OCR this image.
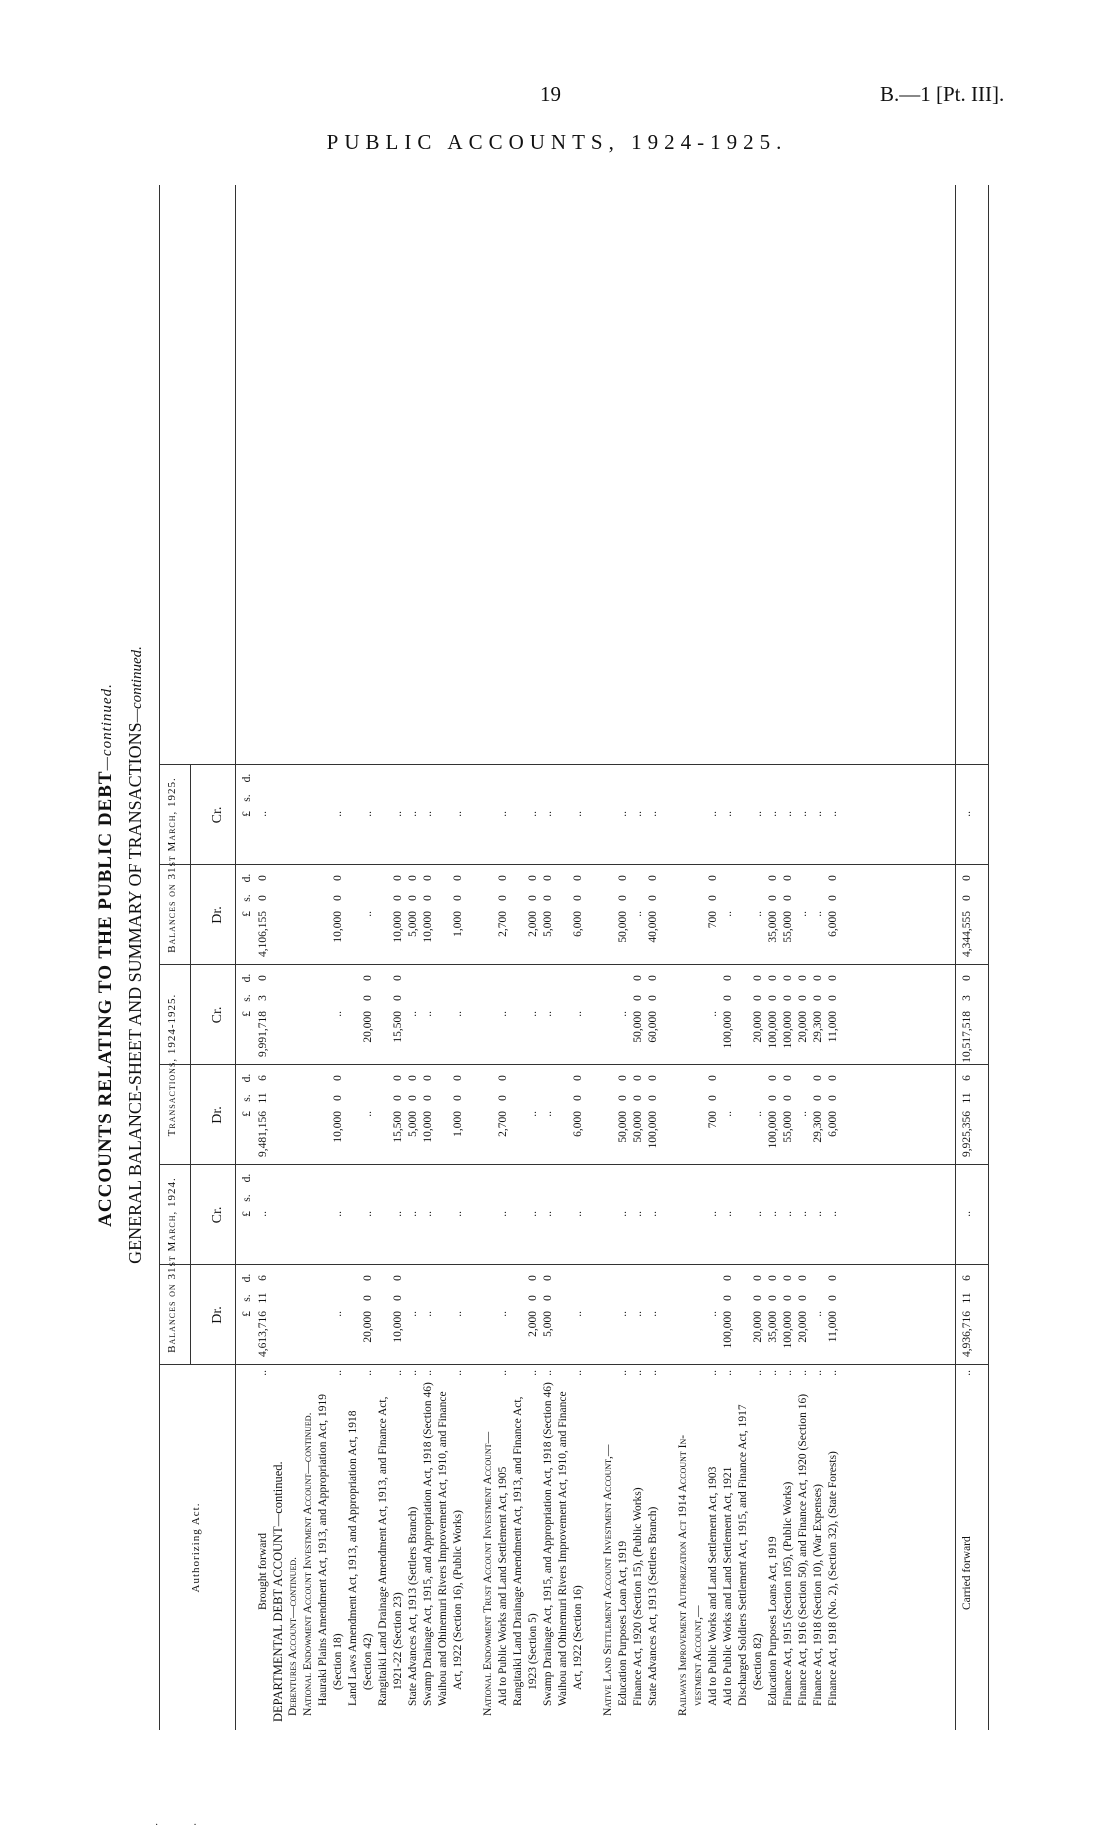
19	B.—1 [Pt. III].
PUBLIC ACCOUNTS, 1924-1925.
ACCOUNTS RELATING TO THE PUBLIC DEBT—continued. GENERAL BALANCE-SHEET AND SUMMARY OF TRANSACTIONS—continued.
Authorizing Act.
Balances on 31st March, 1924.
Transactions, 1924-1925.
Balances on 31st March, 1925.
Dr.
Cr.
Dr.
Cr.
Dr.
Cr.
£
s.
d.
£
s.
d.
£
s.
d.
£
s.
d.
£
s.
d.
£
s.
d.
Brought forward
..
4,613,716
11
6
..
9,481,156
11
6
9,991,718
3
0
4,106,155
0
0
..
DEPARTMENTAL DEBT ACCOUNT—continued. Debentures Account—continued. National Endowment Account Investment Account—continued. Hauraki Plains Amendment Act, 1913, and Appropriation Act, 1919 (Section 18)
..
..
..
10,000
0
0
..
10,000
0
0
..
Land Laws Amendment Act, 1913, and Appropriation Act, 1918 (Section 42)
..
20,000
0
0
..
..
20,000
0
0
..
..
Rangitaiki Land Drainage Amendment Act, 1913, and Finance Act, 1921-22 (Section 23)
..
10,000
0
0
..
15,500
0
0
15,500
0
0
10,000
0
0
..
State Advances Act, 1913 (Settlers Branch)
..
..
..
5,000
0
0
..
5,000
0
0
..
Swamp Drainage Act, 1915, and Appropriation Act, 1918 (Section 46)
..
..
..
10,000
0
0
..
10,000
0
0
..
Waihou and Ohinemuri Rivers Improvement Act, 1910, and Finance Act, 1922 (Section 16), (Public Works)
..
..
..
1,000
0
0
..
1,000
0
0
..
National Endowment Trust Account Investment Account— Aid to Public Works and Land Settlement Act, 1905
..
..
..
2,700
0
0
..
2,700
0
0
..
Rangitaiki Land Drainage Amendment Act, 1913, and Finance Act, 1923 (Section 5)
..
2,000
0
0
..
..
..
2,000
0
0
..
Swamp Drainage Act, 1915, and Appropriation Act, 1918 (Section 46)
..
5,000
0
0
..
..
..
5,000
0
0
..
Waihou and Ohinemuri Rivers Improvement Act, 1910, and Finance Act, 1922 (Section 16)
..
..
..
6,000
0
0
..
6,000
0
0
..
Native Land Settlement Account Investment Account,— Education Purposes Loan Act, 1919
..
..
..
50,000
0
0
..
50,000
0
0
..
Finance Act, 1920 (Section 15), (Public Works)
..
..
..
50,000
0
0
50,000
0
0
..
..
State Advances Act, 1913 (Settlers Branch)
..
..
..
100,000
0
0
60,000
0
0
40,000
0
0
..
Railways Improvement Authorization Act 1914 Account In- vestment Account,— Aid to Public Works and Land Settlement Act, 1903
..
..
..
700
0
0
..
700
0
0
..
Aid to Public Works and Land Settlement Act, 1921
..
100,000
0
0
..
..
100,000
0
0
..
..
Discharged Soldiers Settlement Act, 1915, and Finance Act, 1917 (Section 82)
..
20,000
0
0
..
..
20,000
0
0
..
..
Education Purposes Loans Act, 1919
..
35,000
0
0
..
100,000
0
0
100,000
0
0
35,000
0
0
..
Finance Act, 1915 (Section 105), (Public Works)
..
100,000
0
0
..
55,000
0
0
100,000
0
0
55,000
0
0
..
Finance Act, 1916 (Section 50), and Finance Act, 1920 (Section 16)
..
20,000
0
0
..
..
20,000
0
0
..
..
Finance Act, 1918 (Section 10), (War Expenses)
..
..
..
29,300
0
0
29,300
0
0
..
..
Finance Act, 1918 (No. 2), (Section 32), (State Forests)
..
11,000
0
0
..
6,000
0
0
11,000
0
0
6,000
0
0
..
Carried forward
..
4,936,716
11
6
..
9,925,356
11
6
10,517,518
3
0
4,344,555
0
0
..
·              ·
